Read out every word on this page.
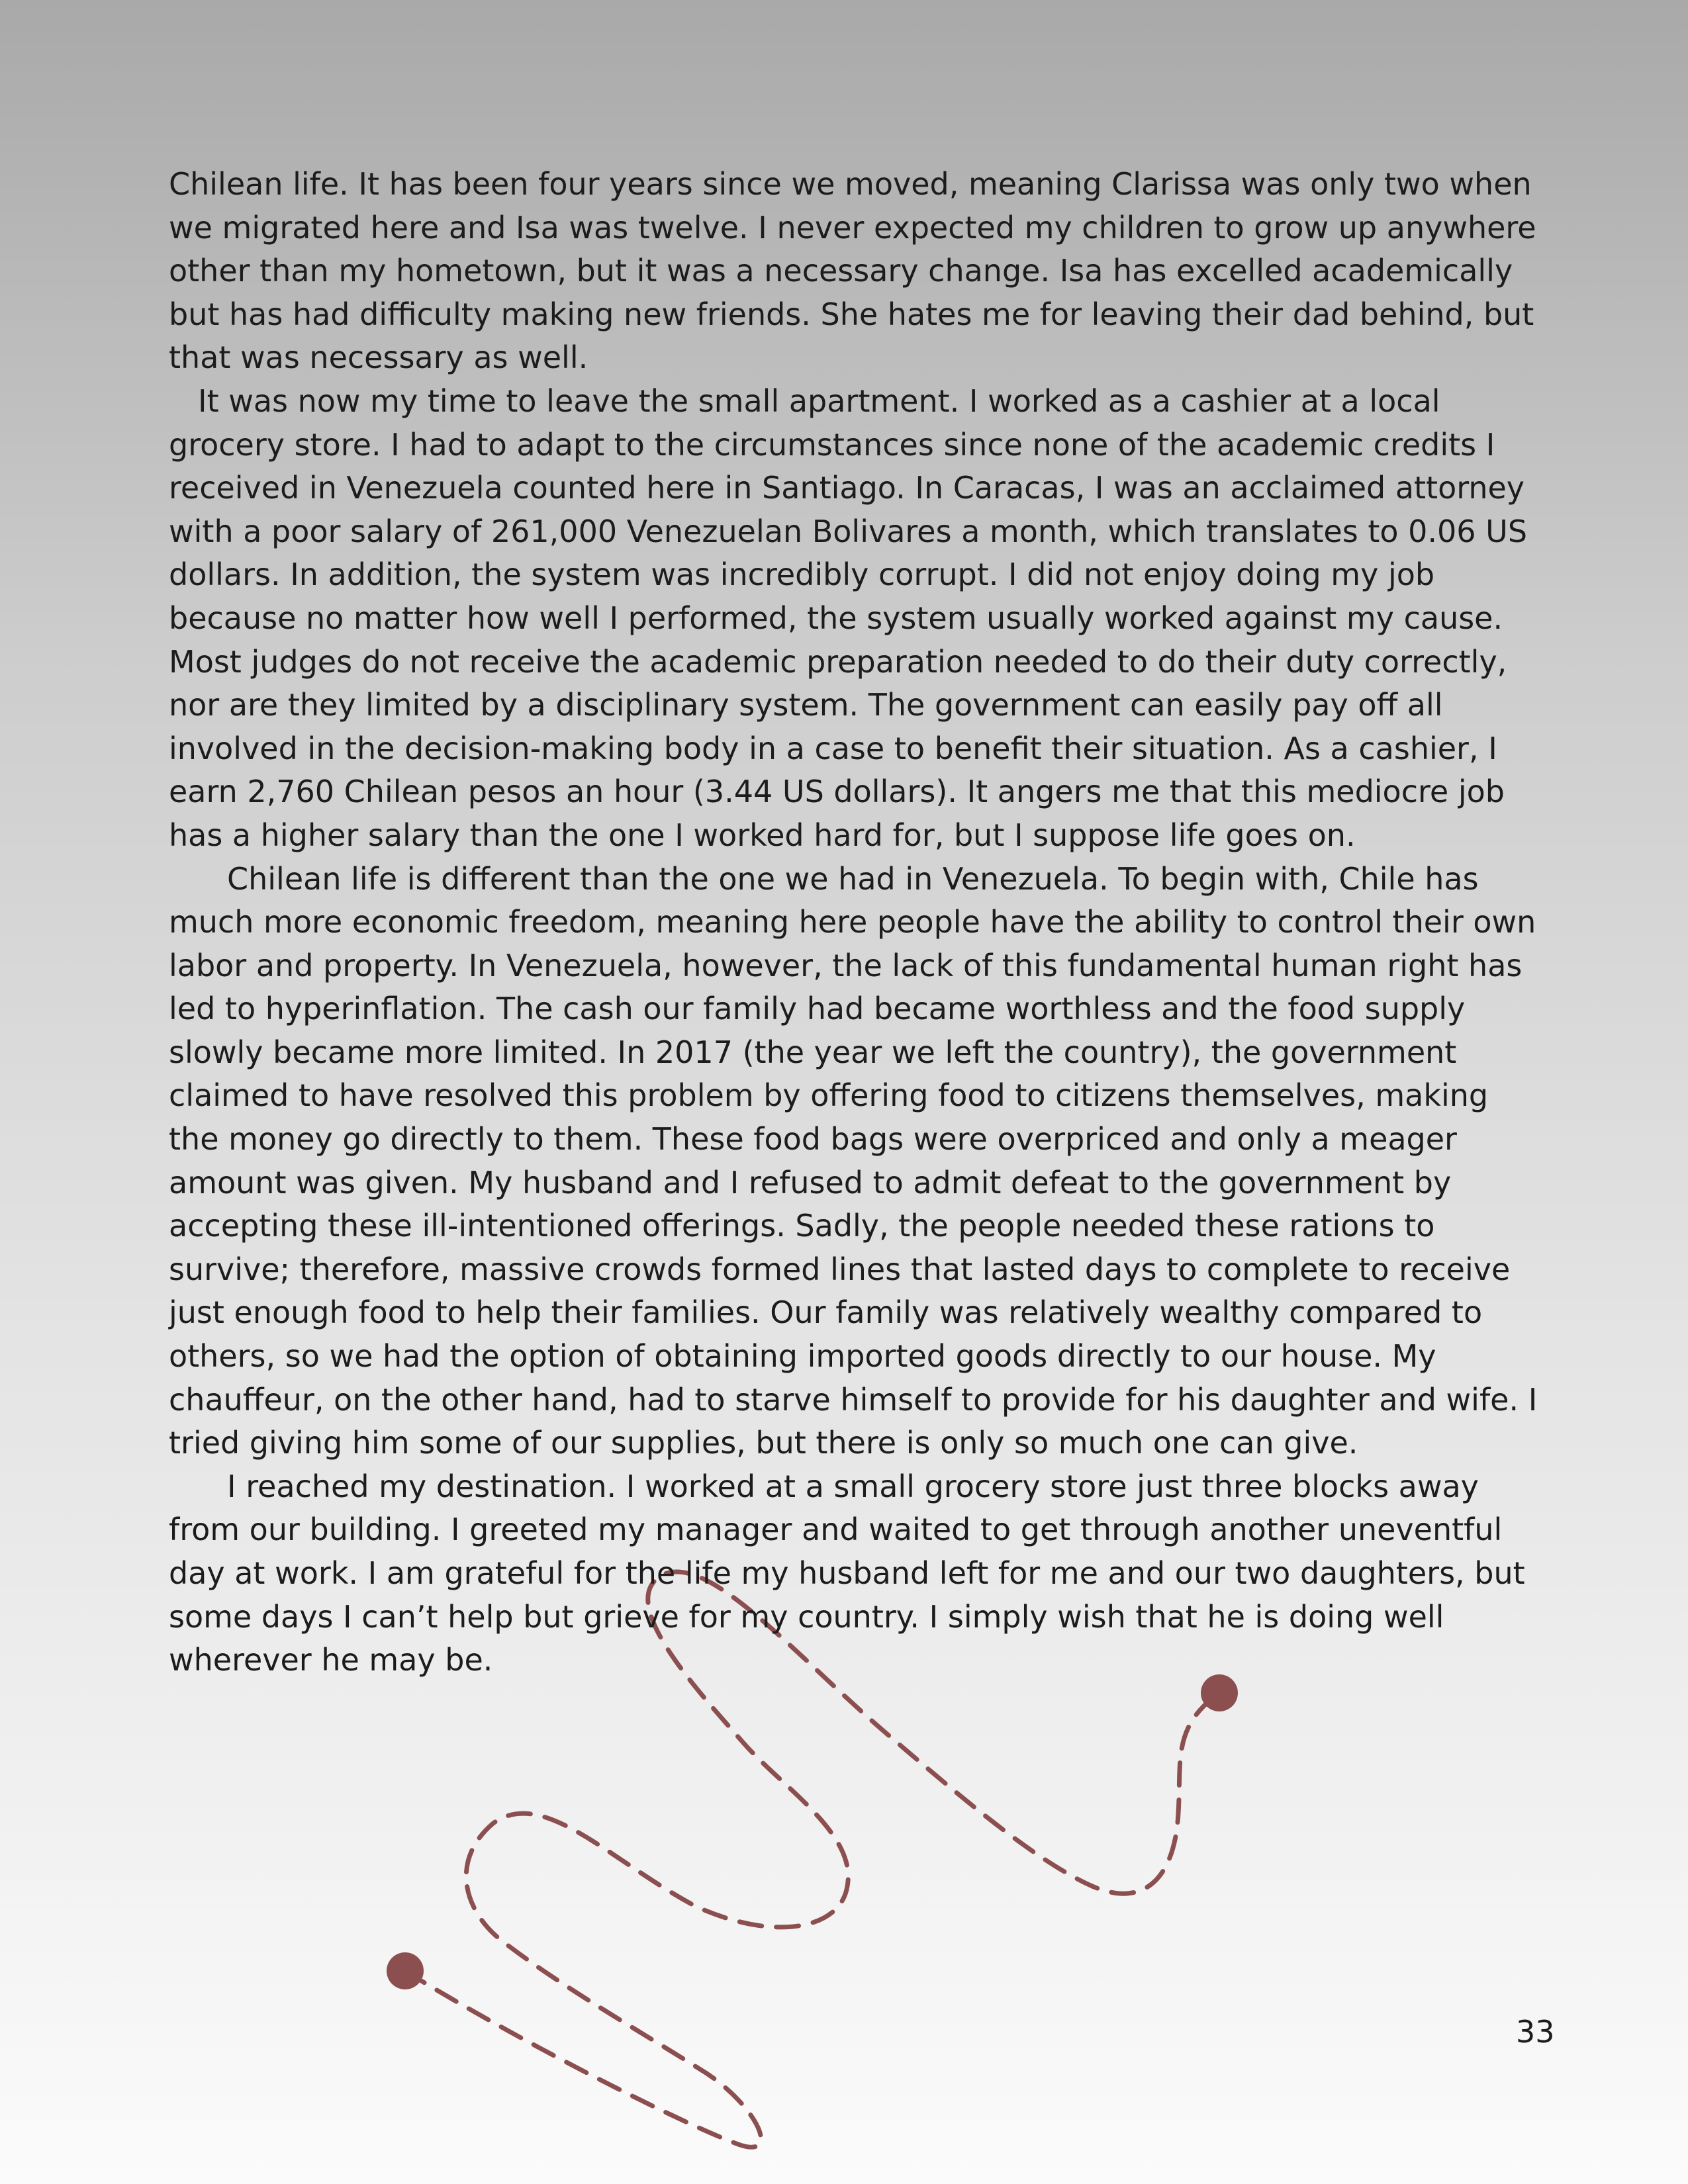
Chilean life. It has been four years since we moved, meaning Clarissa was only two when we migrated here and Isa was twelve. I never expected my children to grow up anywhere other than my hometown, but it was a necessary change. Isa has excelled academically but has had difficulty making new friends. She hates me for leaving their dad behind, but that was necessary as well.

It was now my time to leave the small apartment. I worked as a cashier at a local grocery store. I had to adapt to the circumstances since none of the academic credits I received in Venezuela counted here in Santiago. In Caracas, I was an acclaimed attorney with a poor salary of 261,000 Venezuelan Bolivares a month, which translates to 0.06 US dollars. In addition, the system was incredibly corrupt. I did not enjoy doing my job because no matter how well I performed, the system usually worked against my cause. Most judges do not receive the academic preparation needed to do their duty correctly, nor are they limited by a disciplinary system. The government can easily pay off all involved in the decision-making body in a case to benefit their situation. As a cashier, I earn 2,760 Chilean pesos an hour (3.44 US dollars). It angers me that this mediocre job has a higher salary than the one I worked hard for, but I suppose life goes on.

Chilean life is different than the one we had in Venezuela. To begin with, Chile has much more economic freedom, meaning here people have the ability to control their own labor and property. In Venezuela, however, the lack of this fundamental human right has led to hyperinflation. The cash our family had became worthless and the food supply slowly became more limited. In 2017 (the year we left the country), the government claimed to have resolved this problem by offering food to citizens themselves, making the money go directly to them. These food bags were overpriced and only a meager amount was given. My husband and I refused to admit defeat to the government by accepting these ill-intentioned offerings. Sadly, the people needed these rations to survive; therefore, massive crowds formed lines that lasted days to complete to receive just enough food to help their families. Our family was relatively wealthy compared to others, so we had the option of obtaining imported goods directly to our house. My chauffeur, on the other hand, had to starve himself to provide for his daughter and wife. I tried giving him some of our supplies, but there is only so much one can give.

I reached my destination. I worked at a small grocery store just three blocks away from our building. I greeted my manager and waited to get through another uneventful day at work. I am grateful for the life my husband left for me and our two daughters, but some days I can’t help but grieve for my country. I simply wish that he is doing well wherever he may be.

33
